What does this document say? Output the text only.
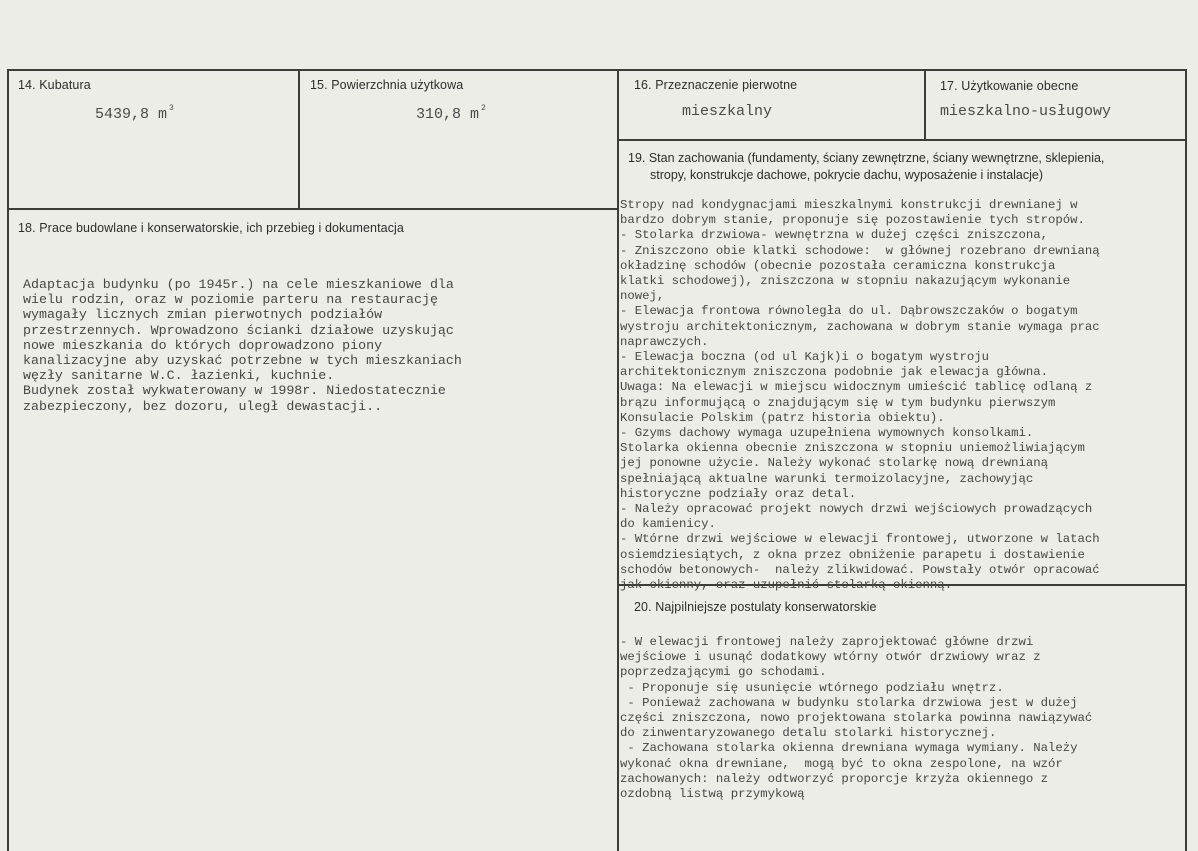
14. Kubatura
5439,8 m $^3$
15. Powierzchnia użytkowa
310,8 m $^2$
16. Przeznaczenie pierwotne
mieszkalny
17. Użytkowanie obecne
mieszkalno-usługowy
18. Prace budowlane i konserwatorskie, ich przebieg i dokumentacja
Adaptacja budynku (po 1945r.) na cele mieszkaniowe dla
wielu rodzin, oraz w poziomie parteru na restaurację
wymagały licznych zmian pierwotnych podziałów
przestrzennych. Wprowadzono ścianki działowe uzyskując
nowe mieszkania do których doprowadzono piony
kanalizacyjne aby uzyskać potrzebne w tych mieszkaniach
węzły sanitarne W.C. łazienki, kuchnie.
Budynek został wykwaterowany w 1998r. Niedostatecznie
zabezpieczony, bez dozoru, uległ dewastacji..
19. Stan zachowania (fundamenty, ściany zewnętrzne, ściany wewnętrzne, sklepienia,
stropy, konstrukcje dachowe, pokrycie dachu, wyposażenie i instalacje)
Stropy nad kondygnacjami mieszkalnymi konstrukcji drewnianej w
bardzo dobrym stanie, proponuje się pozostawienie tych stropów.
- Stolarka drzwiowa- wewnętrzna w dużej części zniszczona,
- Zniszczono obie klatki schodowe:  w głównej rozebrano drewnianą
okładzinę schodów (obecnie pozostała ceramiczna konstrukcja
klatki schodowej), zniszczona w stopniu nakazującym wykonanie
nowej,
- Elewacja frontowa równoległa do ul. Dąbrowszczaków o bogatym
wystroju architektonicznym, zachowana w dobrym stanie wymaga prac
naprawczych.
- Elewacja boczna (od ul Kajk)i o bogatym wystroju
architektonicznym zniszczona podobnie jak elewacja główna.
Uwaga: Na elewacji w miejscu widocznym umieścić tablicę odlaną z
brązu informującą o znajdującym się w tym budynku pierwszym
Konsulacie Polskim (patrz historia obiektu).
- Gzyms dachowy wymaga uzupełniena wymownych konsolkami.
Stolarka okienna obecnie zniszczona w stopniu uniemożliwiającym
jej ponowne użycie. Należy wykonać stolarkę nową drewnianą
spełniającą aktualne warunki termoizolacyjne, zachowyjąc
historyczne podziały oraz detal.
- Należy opracować projekt nowych drzwi wejściowych prowadzących
do kamienicy.
- Wtórne drzwi wejściowe w elewacji frontowej, utworzone w latach
osiemdziesiątych, z okna przez obniżenie parapetu i dostawienie
schodów betonowych-  należy zlikwidować. Powstały otwór opracować
jak okienny, oraz uzupełnić stolarką okienną.
20. Najpilniejsze postulaty konserwatorskie
- W elewacji frontowej należy zaprojektować główne drzwi
wejściowe i usunąć dodatkowy wtórny otwór drzwiowy wraz z
poprzedzającymi go schodami.
- Proponuje się usunięcie wtórnego podziału wnętrz.
- Ponieważ zachowana w budynku stolarka drzwiowa jest w dużej
części zniszczona, nowo projektowana stolarka powinna nawiązywać
do zinwentaryzowanego detalu stolarki historycznej.
- Zachowana stolarka okienna drewniana wymaga wymiany. Należy
wykonać okna drewniane,  mogą być to okna zespolone, na wzór
zachowanych: należy odtworzyć proporcje krzyża okiennego z
ozdobną listwą przymykową
